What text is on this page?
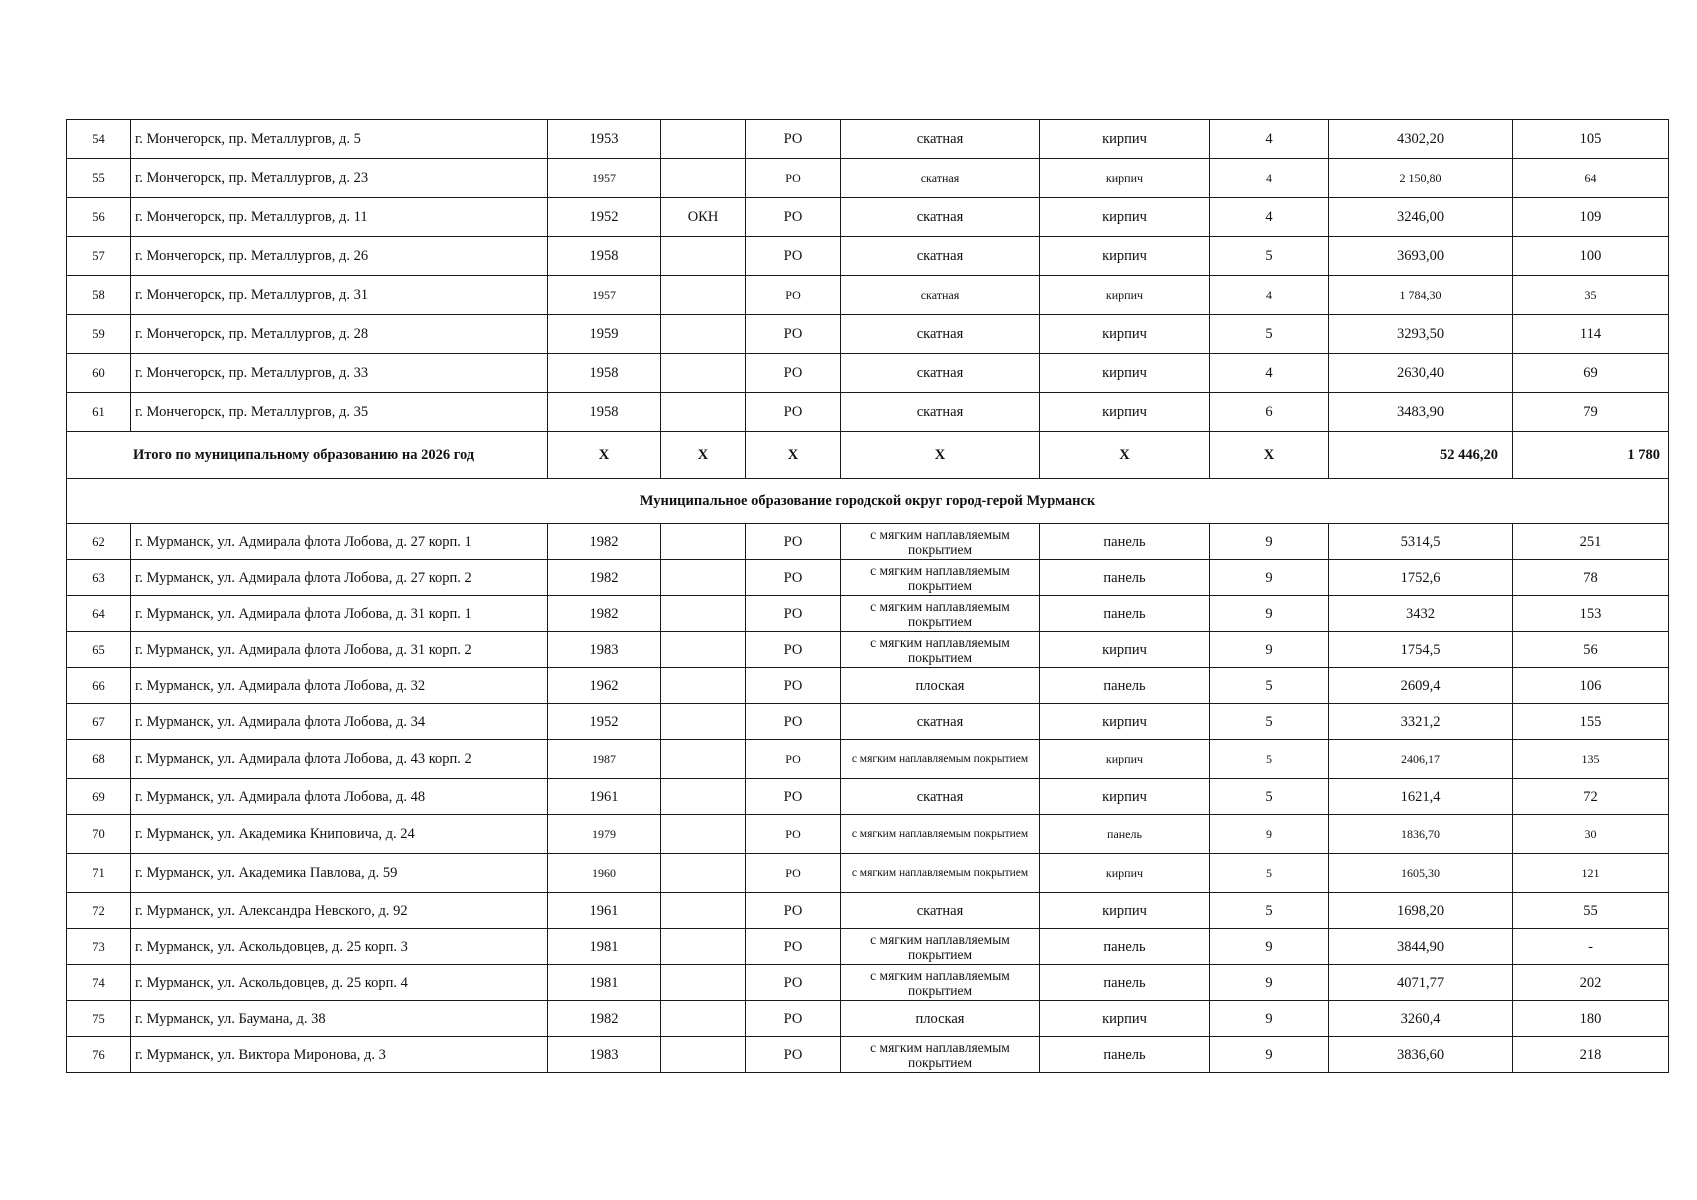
54	г. Мончегорск, пр. Металлургов, д. 5	1953		РО	скатная	кирпич	4	4302,20	105
55	г. Мончегорск, пр. Металлургов, д. 23	1957		РО	скатная	кирпич	4	2 150,80	64
56	г. Мончегорск, пр. Металлургов, д. 11	1952	ОКН	РО	скатная	кирпич	4	3246,00	109
57	г. Мончегорск, пр. Металлургов, д. 26	1958		РО	скатная	кирпич	5	3693,00	100
58	г. Мончегорск, пр. Металлургов, д. 31	1957		РО	скатная	кирпич	4	1 784,30	35
59	г. Мончегорск, пр. Металлургов, д. 28	1959		РО	скатная	кирпич	5	3293,50	114
60	г. Мончегорск, пр. Металлургов, д. 33	1958		РО	скатная	кирпич	4	2630,40	69
61	г. Мончегорск, пр. Металлургов, д. 35	1958		РО	скатная	кирпич	6	3483,90	79
Итого по муниципальному образованию на 2026 год		Х	Х	Х	Х	Х	Х	52 446,20	1 780
Муниципальное образование городской округ город-герой Мурманск									
62	г. Мурманск, ул. Адмирала флота Лобова, д. 27 корп. 1	1982		РО	с мягким наплавляемым покрытием	панель	9	5314,5	251
63	г. Мурманск, ул. Адмирала флота Лобова, д. 27 корп. 2	1982		РО	с мягким наплавляемым покрытием	панель	9	1752,6	78
64	г. Мурманск, ул. Адмирала флота Лобова, д. 31 корп. 1	1982		РО	с мягким наплавляемым покрытием	панель	9	3432	153
65	г. Мурманск, ул. Адмирала флота Лобова, д. 31 корп. 2	1983		РО	с мягким наплавляемым покрытием	кирпич	9	1754,5	56
66	г. Мурманск, ул. Адмирала флота Лобова, д. 32	1962		РО	плоская	панель	5	2609,4	106
67	г. Мурманск, ул. Адмирала флота Лобова, д. 34	1952		РО	скатная	кирпич	5	3321,2	155
68	г. Мурманск, ул. Адмирала флота Лобова, д. 43 корп. 2	1987		РО	с мягким наплавляемым покрытием	кирпич	5	2406,17	135
69	г. Мурманск, ул. Адмирала флота Лобова, д. 48	1961		РО	скатная	кирпич	5	1621,4	72
70	г. Мурманск, ул. Академика Книповича, д. 24	1979		РО	с мягким наплавляемым покрытием	панель	9	1836,70	30
71	г. Мурманск, ул. Академика Павлова, д. 59	1960		РО	с мягким наплавляемым покрытием	кирпич	5	1605,30	121
72	г. Мурманск, ул. Александра Невского, д. 92	1961		РО	скатная	кирпич	5	1698,20	55
73	г. Мурманск, ул. Аскольдовцев, д. 25 корп. 3	1981		РО	с мягким наплавляемым покрытием	панель	9	3844,90	-
74	г. Мурманск, ул. Аскольдовцев, д. 25 корп. 4	1981		РО	с мягким наплавляемым покрытием	панель	9	4071,77	202
75	г. Мурманск, ул. Баумана, д. 38	1982		РО	плоская	кирпич	9	3260,4	180
76	г. Мурманск, ул. Виктора Миронова, д. 3	1983		РО	с мягким наплавляемым покрытием	панель	9	3836,60	218
